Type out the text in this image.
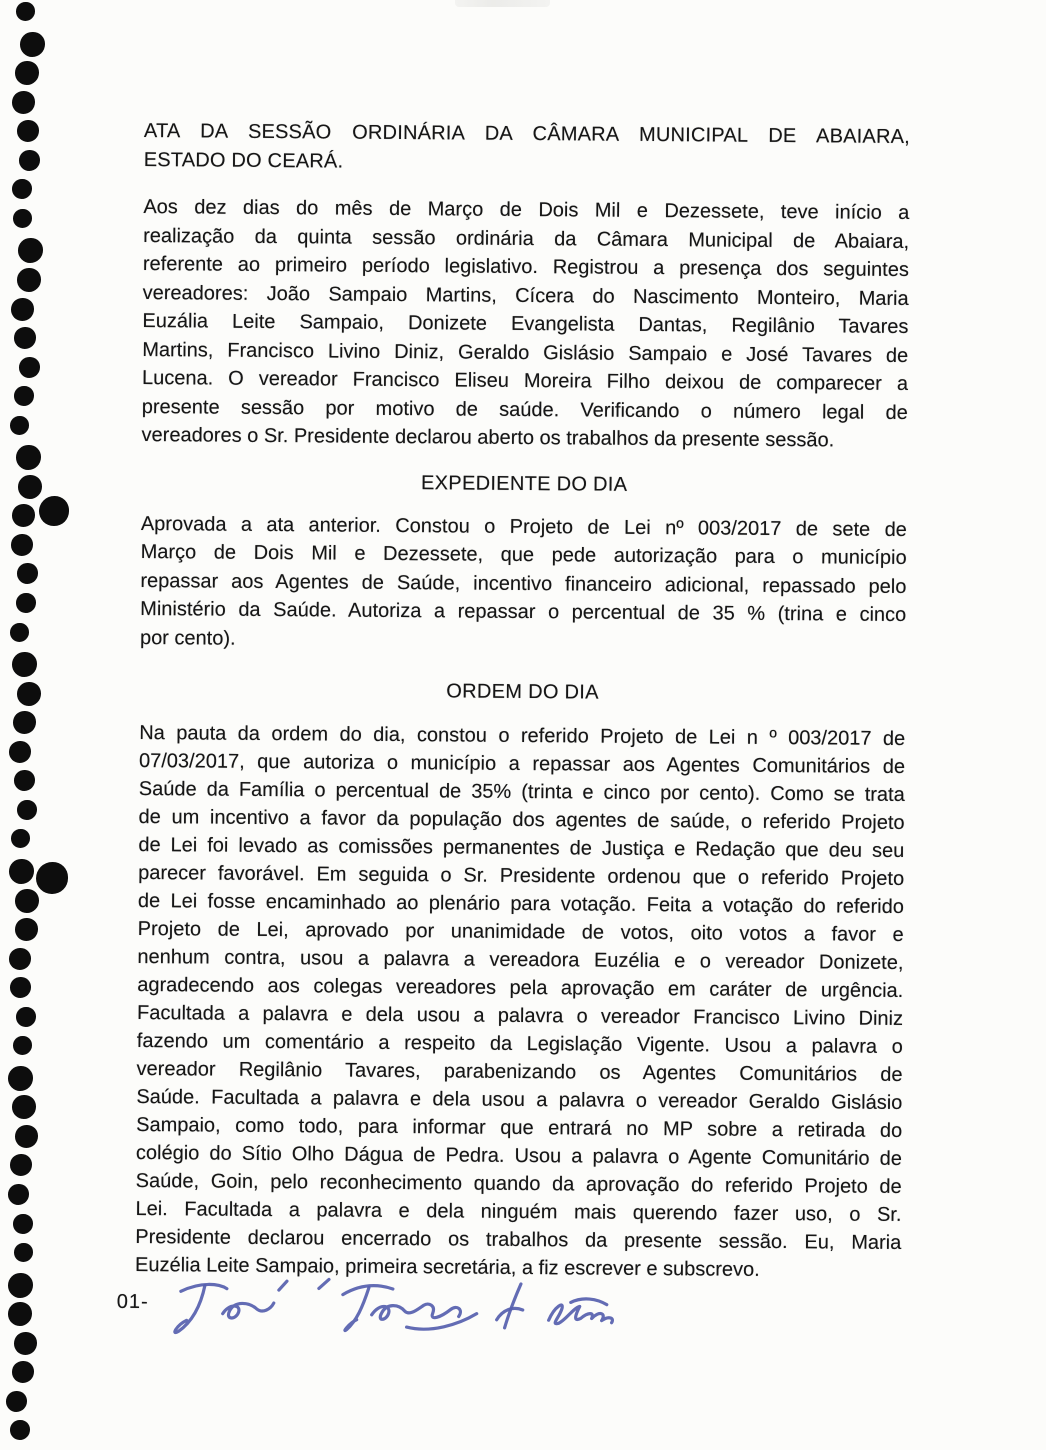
ATA DA SESSÃO ORDINÁRIA DA CÂMARA MUNICIPAL DE ABAIARA,
ESTADO DO CEARÁ.
Aos dez dias do mês de Março de Dois Mil e Dezessete, teve início a
realização da quinta sessão ordinária da Câmara Municipal de Abaiara,
referente ao primeiro período legislativo. Registrou a presença dos seguintes
vereadores: João Sampaio Martins, Cícera do Nascimento Monteiro, Maria
Euzália Leite Sampaio, Donizete Evangelista Dantas, Regilânio Tavares
Martins, Francisco Livino Diniz, Geraldo Gislásio Sampaio e José Tavares de
Lucena. O vereador Francisco Eliseu Moreira Filho deixou de comparecer a
presente sessão por motivo de saúde. Verificando o número legal de
vereadores o Sr. Presidente declarou aberto os trabalhos da presente sessão.
EXPEDIENTE DO DIA
Aprovada a ata anterior. Constou o Projeto de Lei nº 003/2017 de sete de
Março de Dois Mil e Dezessete, que pede autorização para o município
repassar aos Agentes de Saúde, incentivo financeiro adicional, repassado pelo
Ministério da Saúde. Autoriza a repassar o percentual de 35 % (trina e cinco
por cento).
ORDEM DO DIA
Na pauta da ordem do dia, constou o referido Projeto de Lei n º 003/2017 de
07/03/2017, que autoriza o município a repassar aos Agentes Comunitários de
Saúde da Família o percentual de 35% (trinta e cinco por cento). Como se trata
de um incentivo a favor da população dos agentes de saúde, o referido Projeto
de Lei foi levado as comissões permanentes de Justiça e Redação que deu seu
parecer favorável. Em seguida o Sr. Presidente ordenou que o referido Projeto
de Lei fosse encaminhado ao plenário para votação. Feita a votação do referido
Projeto de Lei, aprovado por unanimidade de votos, oito votos a favor e
nenhum contra, usou a palavra a vereadora Euzélia e o vereador Donizete,
agradecendo aos colegas vereadores pela aprovação em caráter de urgência.
Facultada a palavra e dela usou a palavra o vereador Francisco Livino Diniz
fazendo um comentário a respeito da Legislação Vigente. Usou a palavra o
vereador Regilânio Tavares, parabenizando os Agentes Comunitários de
Saúde. Facultada a palavra e dela usou a palavra o vereador Geraldo Gislásio
Sampaio, como todo, para informar que entrará no MP sobre a retirada do
colégio do Sítio Olho Dágua de Pedra. Usou a palavra o Agente Comunitário de
Saúde, Goin, pelo reconhecimento quando da aprovação do referido Projeto de
Lei. Facultada a palavra e dela ninguém mais querendo fazer uso, o Sr.
Presidente declarou encerrado os trabalhos da presente sessão. Eu, Maria
Euzélia Leite Sampaio, primeira secretária, a fiz escrever e subscrevo.
01-
